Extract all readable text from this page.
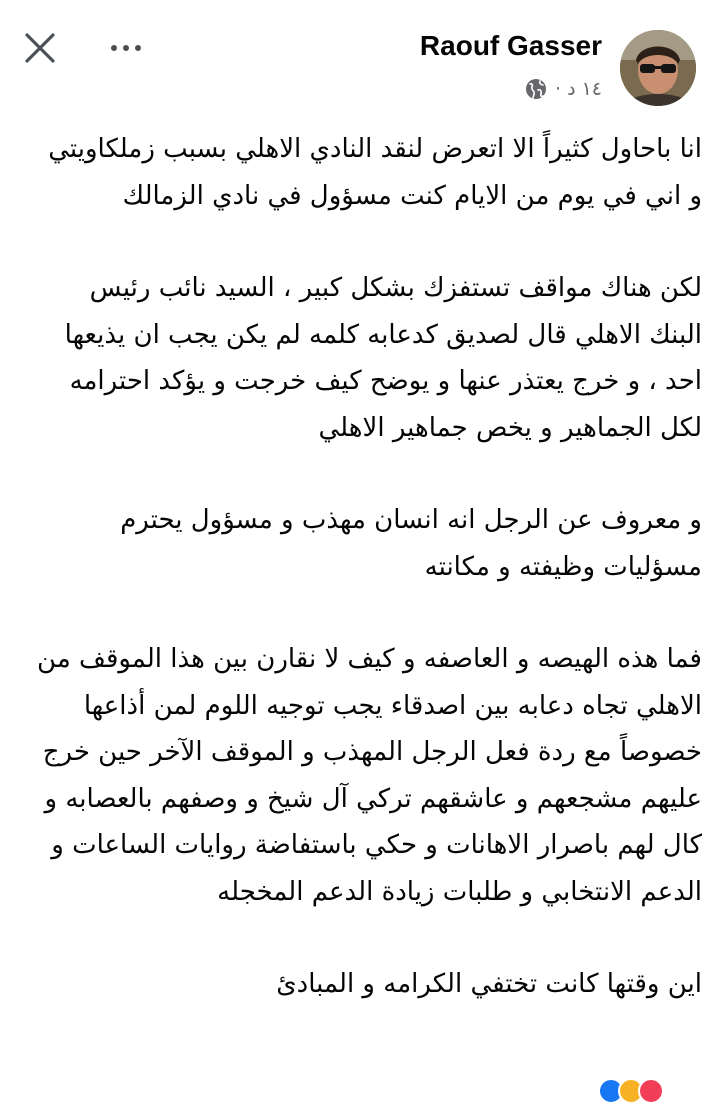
Raouf Gasser
١٤ د
·

انا باحاول كثيراً الا اتعرض لنقد النادي الاهلي بسبب زملكاويتي و اني في يوم من الايام كنت مسؤول في نادي الزمالك

لكن هناك مواقف تستفزك بشكل كبير ، السيد نائب رئيس البنك الاهلي قال لصديق كدعابه كلمه لم يكن يجب ان يذيعها احد ، و خرج يعتذر عنها و يوضح كيف خرجت و يؤكد احترامه لكل الجماهير و يخص جماهير الاهلي

و معروف عن الرجل انه انسان مهذب و مسؤول يحترم مسؤليات وظيفته و مكانته

فما هذه الهيصه و العاصفه و كيف لا نقارن بين هذا الموقف من الاهلي تجاه دعابه بين اصدقاء يجب توجيه اللوم لمن أذاعها خصوصاً مع ردة فعل الرجل المهذب و الموقف الآخر حين خرج عليهم مشجعهم و عاشقهم تركي آل شيخ و وصفهم بالعصابه و كال لهم باصرار الاهانات و حكي باستفاضة روايات الساعات و الدعم الانتخابي و طلبات زيادة الدعم المخجله

اين وقتها كانت تختفي الكرامه و المبادئ
